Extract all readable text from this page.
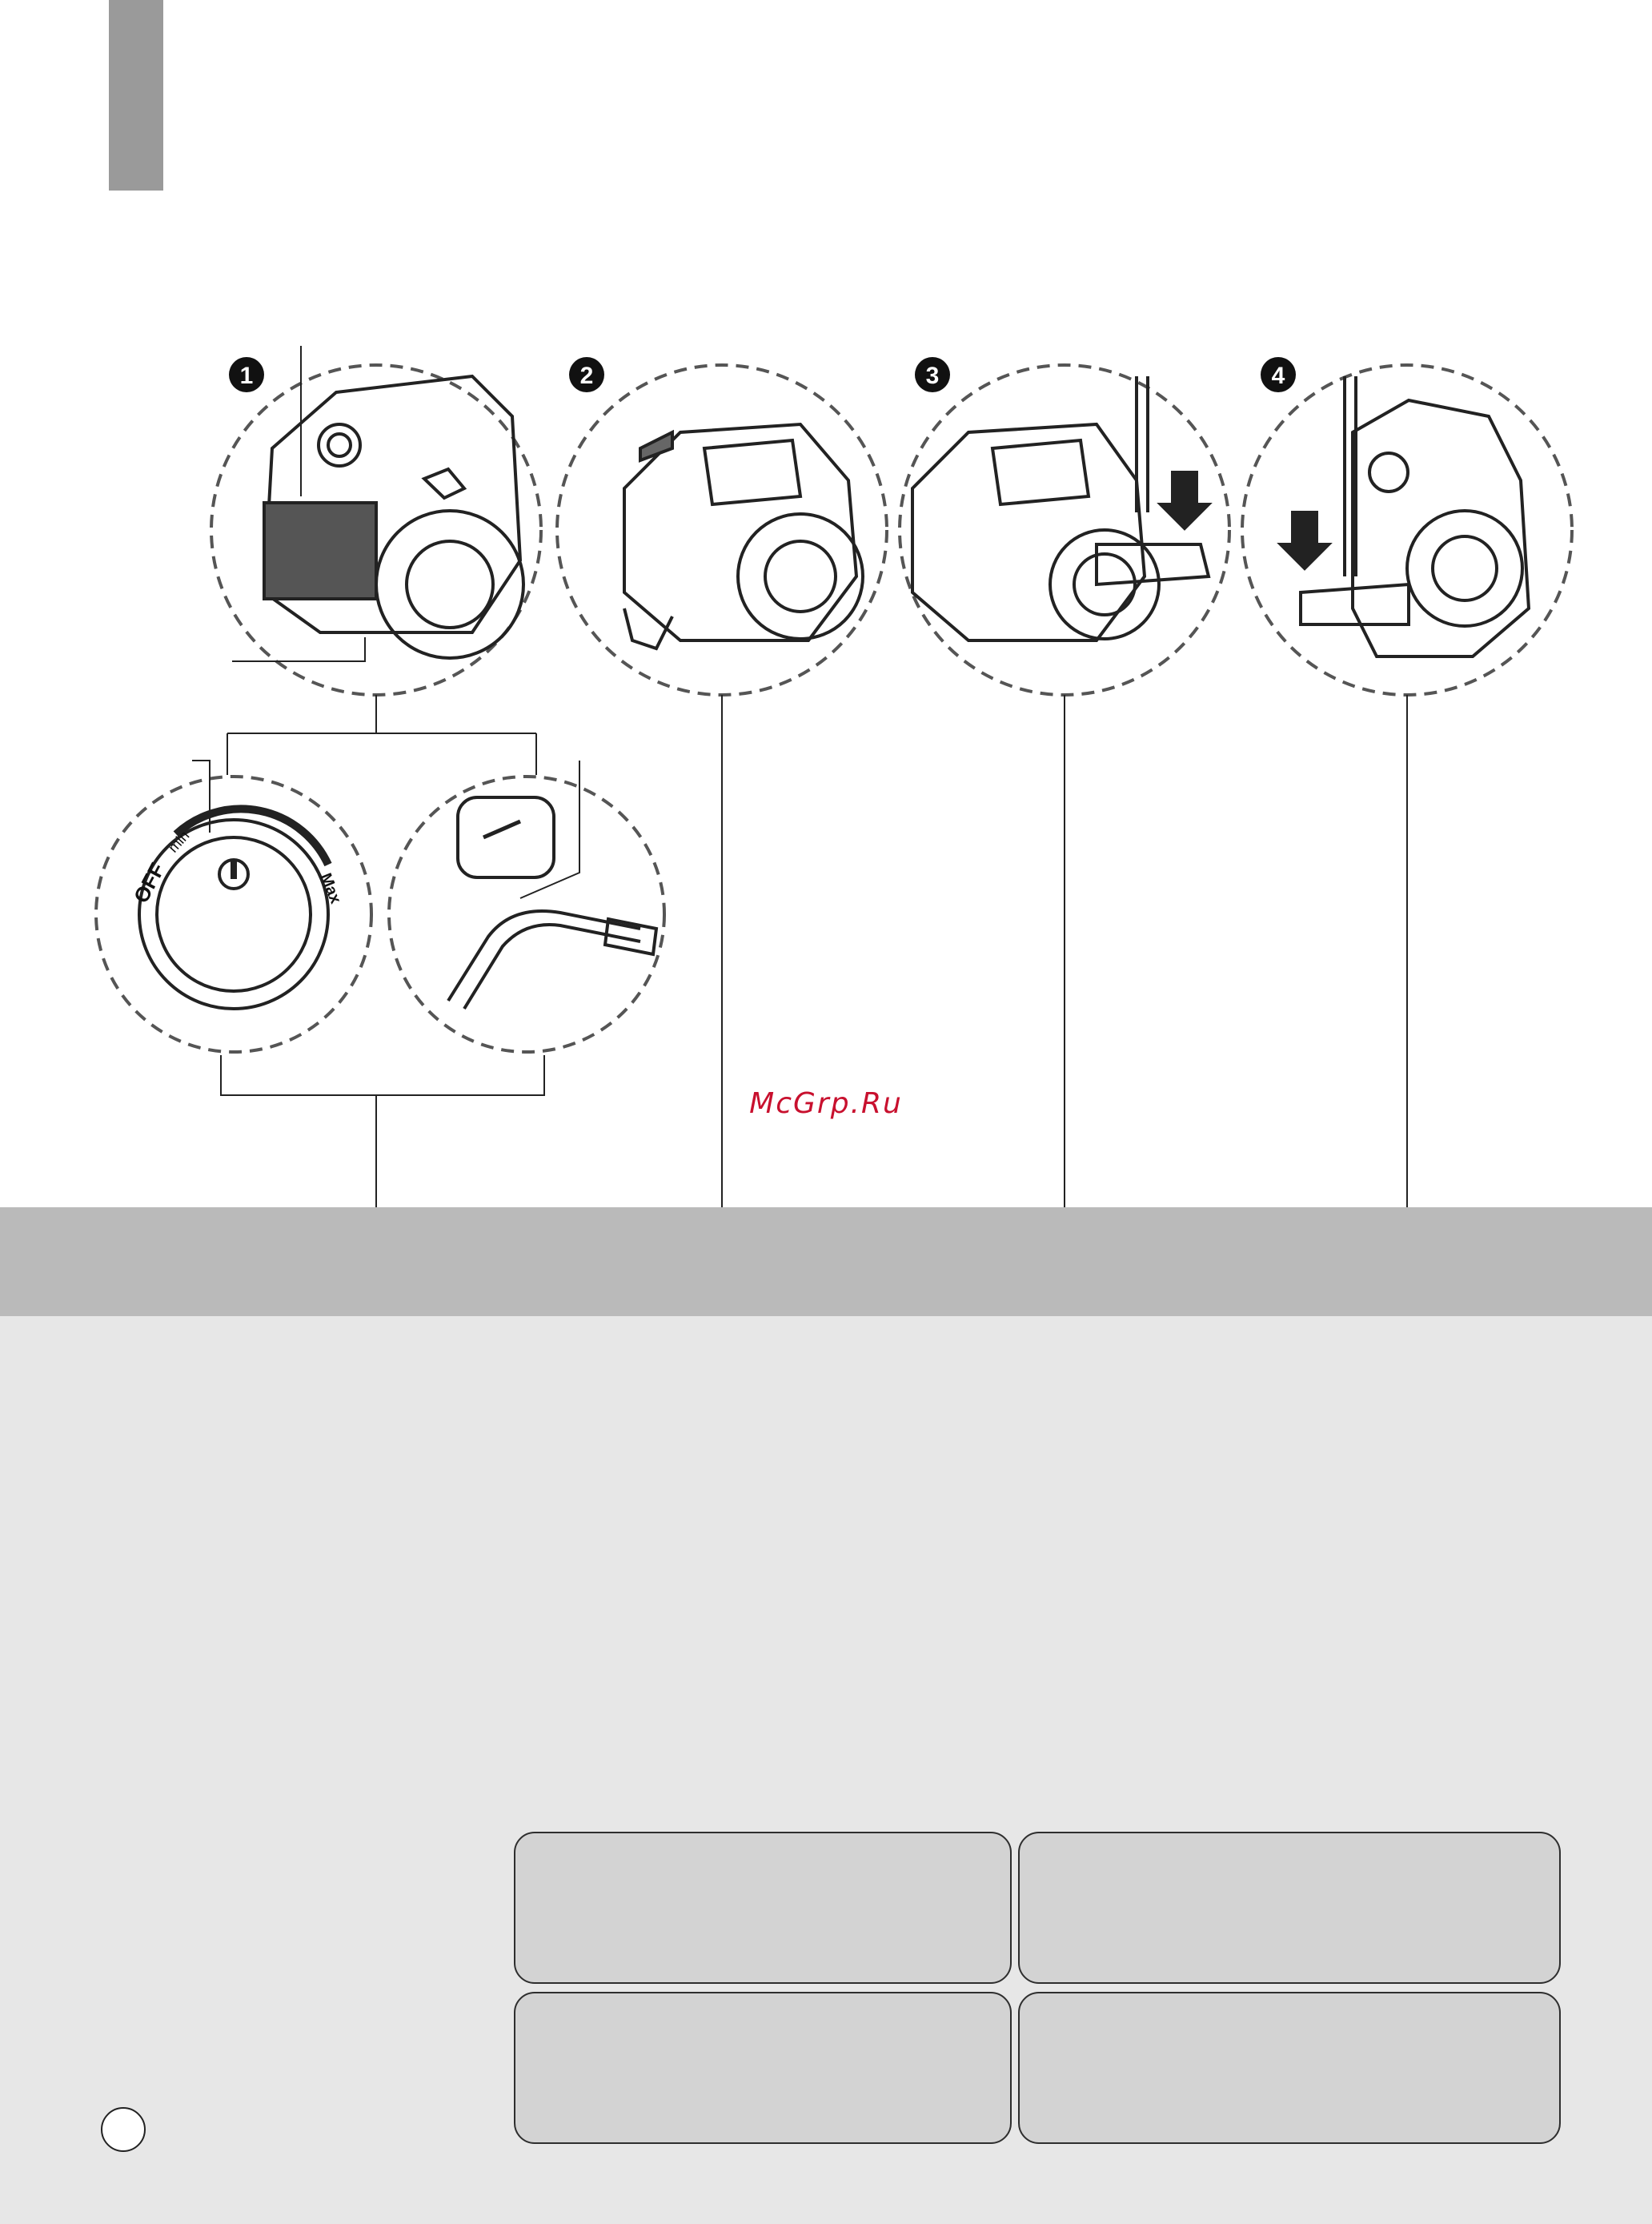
1	2	3	4
OFF
min
Max
McGrp.Ru
